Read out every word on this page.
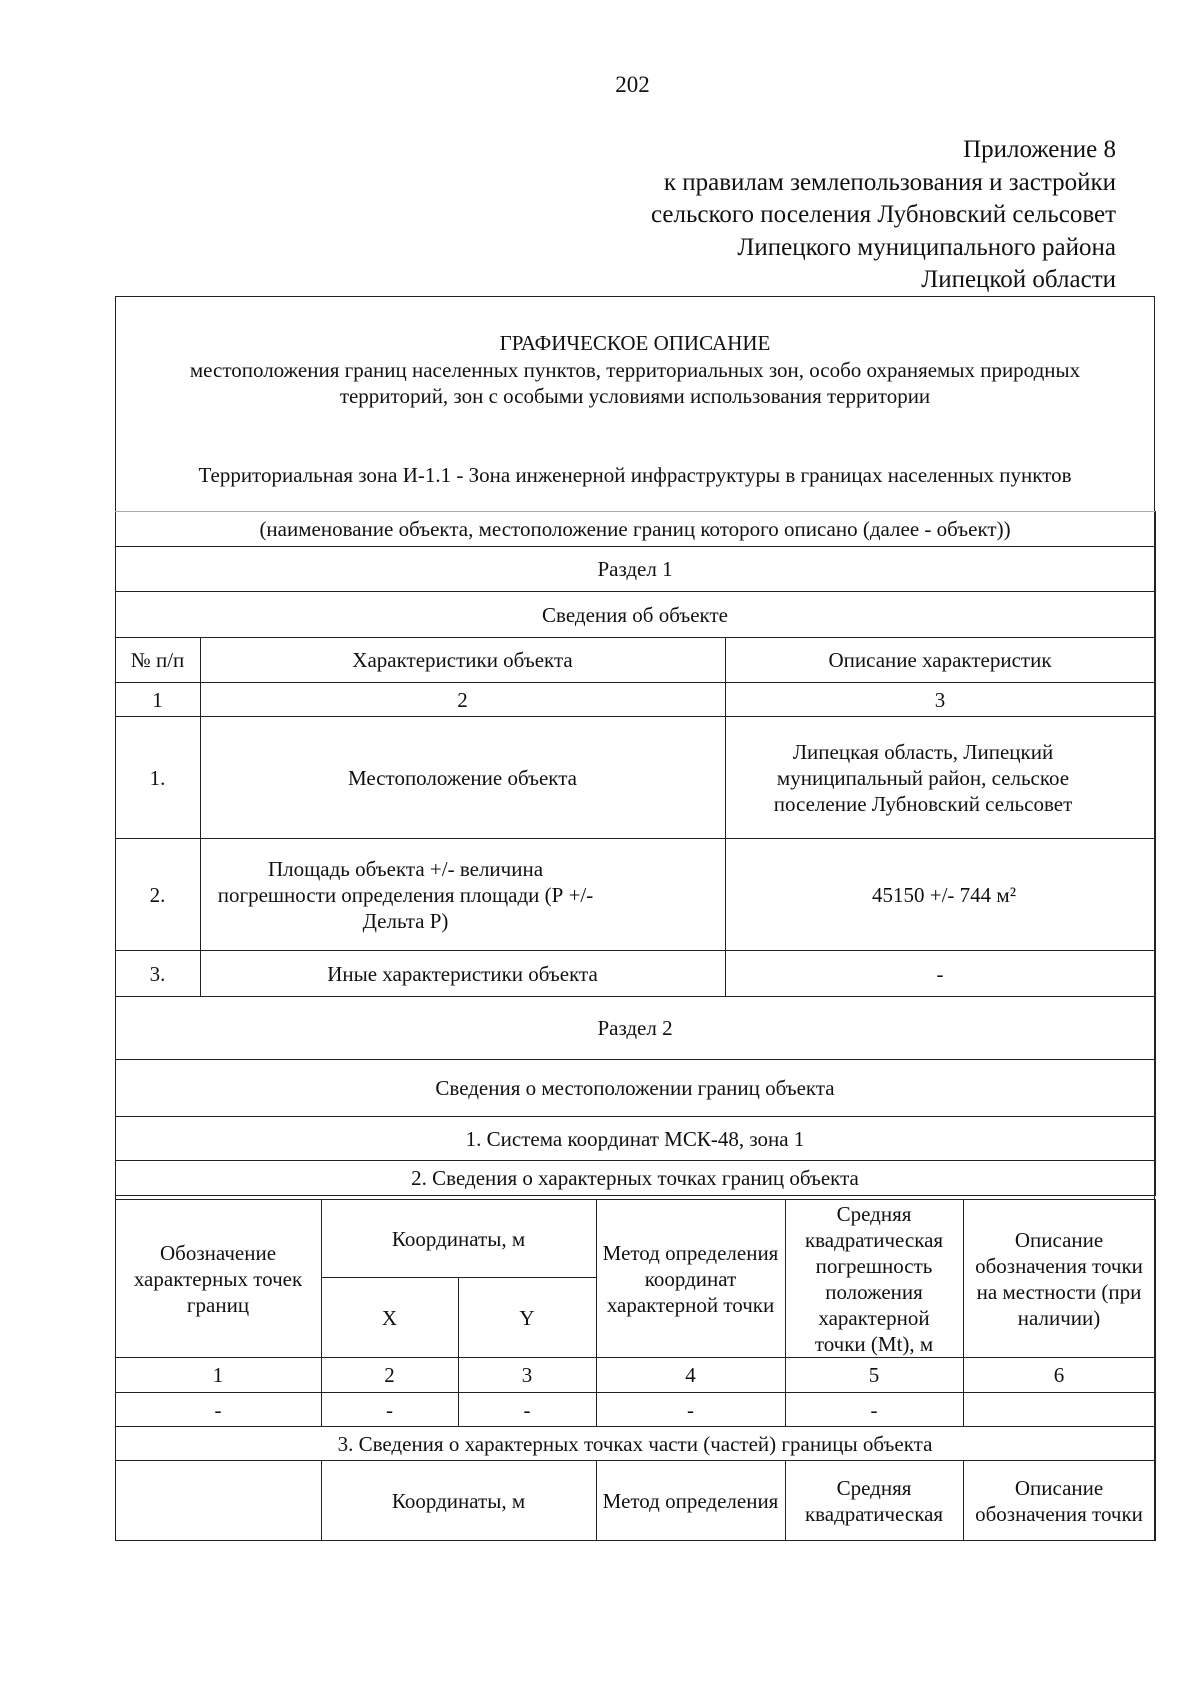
202
Приложение 8
к правилам землепользования и застройки
сельского поселения Лубновский сельсовет
Липецкого муниципального района
Липецкой области
ГРАФИЧЕСКОЕ ОПИСАНИЕ
местоположения границ населенных пунктов, территориальных зон, особо охраняемых природных
территорий, зон с особыми условиями использования территории
Территориальная зона И-1.1 - Зона инженерной инфраструктуры в границах населенных пунктов
(наименование объекта, местоположение границ которого описано (далее - объект))		
Раздел 1		
Сведения об объекте		
№ п/п	Характеристики объекта	Описание характеристик
1	2	3
1.	Местоположение объекта	Липецкая область, Липецкий муниципальный район, сельское поселение Лубновский сельсовет
2.	Площадь объекта +/- величина погрешности определения площади (Р +/- Дельта Р)	45150 +/- 744 м²
3.	Иные характеристики объекта	-
Раздел 2		
Сведения о местоположении границ объекта		
1. Система координат МСК-48, зона 1		
2. Сведения о характерных точках границ объекта		
Обозначение характерных точек границ	Координаты, м		Метод определения координат характерной точки	Средняя квадратическая погрешность положения характерной точки (Mt), м	Описание обозначения точки на местности (при наличии)
	X	Y			
1	2	3	4	5	6
-	-	-	-	-	
3. Сведения о характерных точках части (частей) границы объекта					
	Координаты, м		Метод определения	Средняя квадратическая	Описание обозначения точки
